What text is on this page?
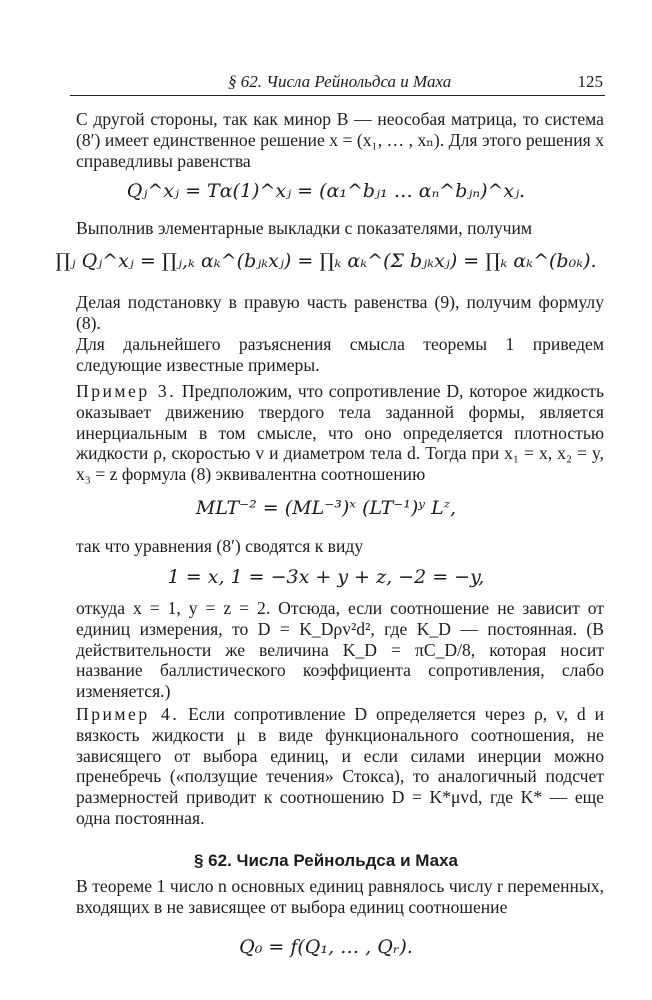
§ 62. Числа Рейнольдса и Маха	125

С другой стороны, так как минор B — неособая матрица, то система (8′) имеет единственное решение x = (x₁, … , xₙ). Для этого решения x справедливы равенства

Qⱼ^xⱼ = Tα(1)^xⱼ = (α₁^bⱼ₁ … αₙ^bⱼₙ)^xⱼ.

Выполнив элементарные выкладки с показателями, получим

∏ⱼ Qⱼ^xⱼ = ∏ⱼ,ₖ αₖ^(bⱼₖxⱼ) = ∏ₖ αₖ^(Σ bⱼₖxⱼ) = ∏ₖ αₖ^(b₀ₖ).

Делая подстановку в правую часть равенства (9), получим формулу (8).

Для дальнейшего разъяснения смысла теоремы 1 приведем следующие известные примеры.

Пример 3. Предположим, что сопротивление D, которое жидкость оказывает движению твердого тела заданной формы, является инерциальным в том смысле, что оно определяется плотностью жидкости ρ, скоростью v и диаметром тела d. Тогда при x₁ = x, x₂ = y, x₃ = z формула (8) эквивалентна соотношению

MLT⁻² = (ML⁻³)ˣ (LT⁻¹)ʸ Lᶻ,

так что уравнения (8′) сводятся к виду

1 = x, 1 = −3x + y + z, −2 = −y,

откуда x = 1, y = z = 2. Отсюда, если соотношение не зависит от единиц измерения, то D = K_Dρv²d², где K_D — постоянная. (В действительности же величина K_D = πC_D/8, которая носит название баллистического коэффициента сопротивления, слабо изменяется.)

Пример 4. Если сопротивление D определяется через ρ, v, d и вязкость жидкости μ в виде функционального соотношения, не зависящего от выбора единиц, и если силами инерции можно пренебречь («ползущие течения» Стокса), то аналогичный подсчет размерностей приводит к соотношению D = K*μvd, где K* — еще одна постоянная.

§ 62. Числа Рейнольдса и Маха

В теореме 1 число n основных единиц равнялось числу r переменных, входящих в не зависящее от выбора единиц соотношение

Q₀ = f(Q₁, … , Qᵣ).
